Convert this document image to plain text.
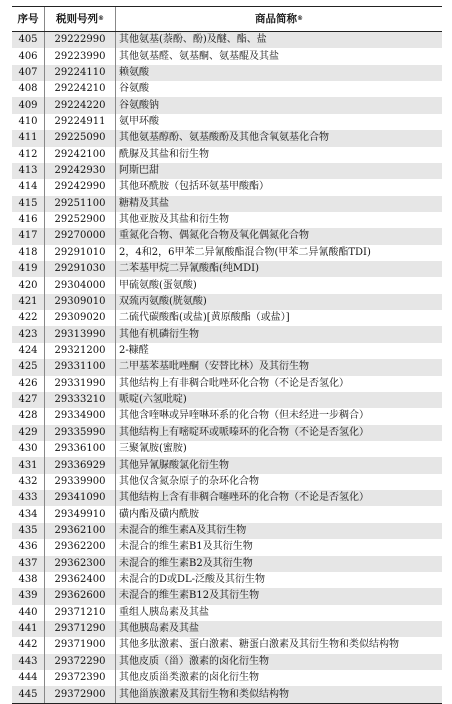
序号 税则号列 ®	商品简称 ®
405	29222990	其他氨基(萘酚、酚)及醚、酯、盐
406	29223990	其他氨基醛、氨基酮、氨基醌及其盐
407	29224110	赖氨酸
408	29224210	谷氨酸
409	29224220	谷氨酸钠
410	29224911	氨甲环酸
411	29225090	其他氨基醇酚、氨基酸酚及其他含氧氨基化合物
412	29242100	酰脲及其盐和衍生物
413	29242930	阿斯巴甜
414	29242990	其他环酰胺（包括环氨基甲酸酯）
415	29251100	糖精及其盐
416	29252900	其他亚胺及其盐和衍生物
417	29270000	重氮化合物、偶氮化合物及氧化偶氮化合物
418	29291010	2，4和2，6甲苯二异氰酸酯混合物(甲苯二异氰酸酯TDI)
419	29291030	二苯基甲烷二异氰酸酯(纯MDI)
420	29304000	甲硫氨酸(蛋氨酸)
421	29309010	双巯丙氨酸(胱氨酸)
422	29309020	二硫代碳酸酯(或盐)[黄原酸酯（或盐）]
423	29313990	其他有机磷衍生物
424	29321200	2-糠醛
425	29331100	二甲基苯基吡唑酮（安替比林）及其衍生物
426	29331990	其他结构上有非稠合吡唑环化合物（不论是否氢化）
427	29333210	哌啶(六氢吡啶)
428	29334900	其他含喹啉或异喹啉环系的化合物（但未经进一步稠合）
429	29335990	其他结构上有嘧啶环或哌嗪环的化合物（不论是否氢化）
430	29336100	三聚氰胺(蜜胺)
431	29336929	其他异氰脲酸氯化衍生物
432	29339900	其他仅含氮杂原子的杂环化合物
433	29341090	其他结构上含有非稠合噻唑环的化合物（不论是否氢化）
434	29349910	磺内酯及磺内酰胺
435	29362100	未混合的维生素A及其衍生物
436	29362200	未混合的维生素B1及其衍生物
437	29362300	未混合的维生素B2及其衍生物
438	29362400	未混合的D或DL-泛酸及其衍生物
439	29362600	未混合的维生素B12及其衍生物
440	29371210	重组人胰岛素及其盐
441	29371290	其他胰岛素及其盐
442	29371900	其他多肽激素、蛋白激素、糖蛋白激素及其衍生物和类似结构物
443	29372290	其他皮质（甾）激素的卤化衍生物
444	29372390	其他皮质甾类激素的卤化衍生物
445	29372900	其他甾族激素及其衍生物和类似结构物
